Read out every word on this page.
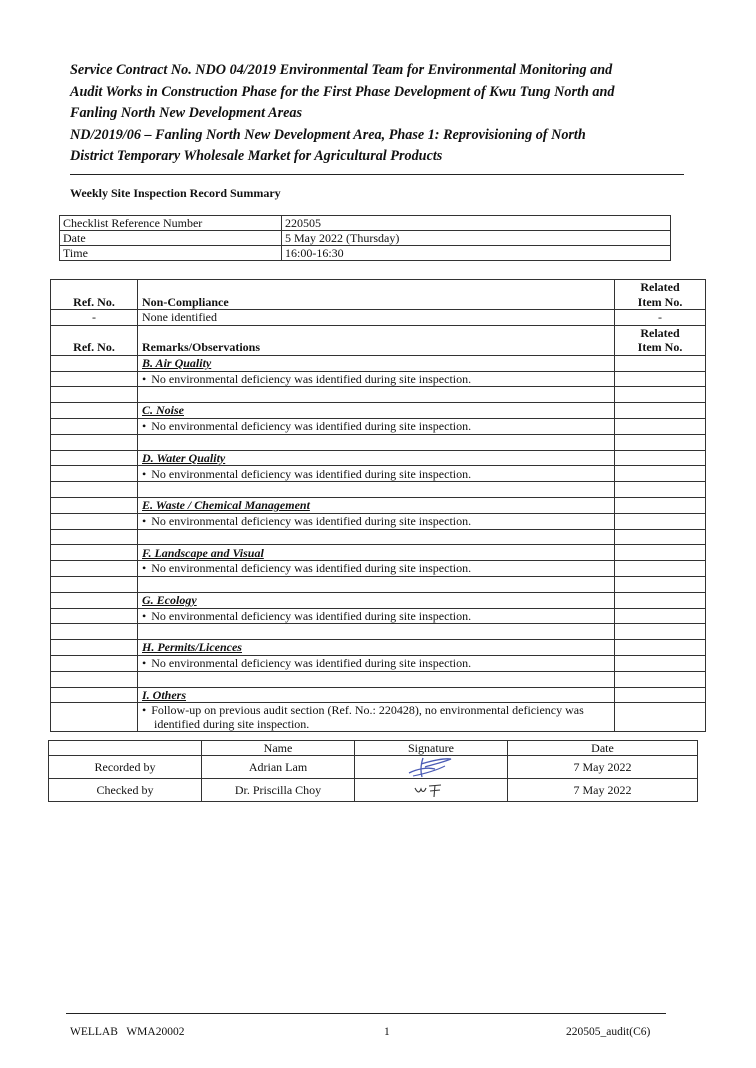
Service Contract No. NDO 04/2019 Environmental Team for Environmental Monitoring and
Audit Works in Construction Phase for the First Phase Development of Kwu Tung North and
Fanling North New Development Areas
ND/2019/06 – Fanling North New Development Area, Phase 1: Reprovisioning of North
District Temporary Wholesale Market for Agricultural Products
Weekly Site Inspection Record Summary
Checklist Reference Number	220505
Date	5 May 2022 (Thursday)
Time	16:00-16:30
Ref. No.	Non-Compliance	Related
Item No.

-	None identified	-
Ref. No.	Remarks/Observations	Related
Item No.

	B. Air Quality	
	• No environmental deficiency was identified during site inspection.	

	C. Noise	
	• No environmental deficiency was identified during site inspection.	

	D. Water Quality	
	• No environmental deficiency was identified during site inspection.	

	E. Waste / Chemical Management	
	• No environmental deficiency was identified during site inspection.	

	F. Landscape and Visual	
	• No environmental deficiency was identified during site inspection.	

	G. Ecology	
	• No environmental deficiency was identified during site inspection.	

	H. Permits/Licences	
	• No environmental deficiency was identified during site inspection.	

	I. Others	
	• Follow-up on previous audit section (Ref. No.: 220428), no environmental deficiency was
identified during site inspection.	
	Name	Signature	Date
Recorded by	Adrian Lam		7 May 2022
Checked by	Dr. Priscilla Choy		7 May 2022
WELLAB   WMA20002	1	220505_audit(C6)
